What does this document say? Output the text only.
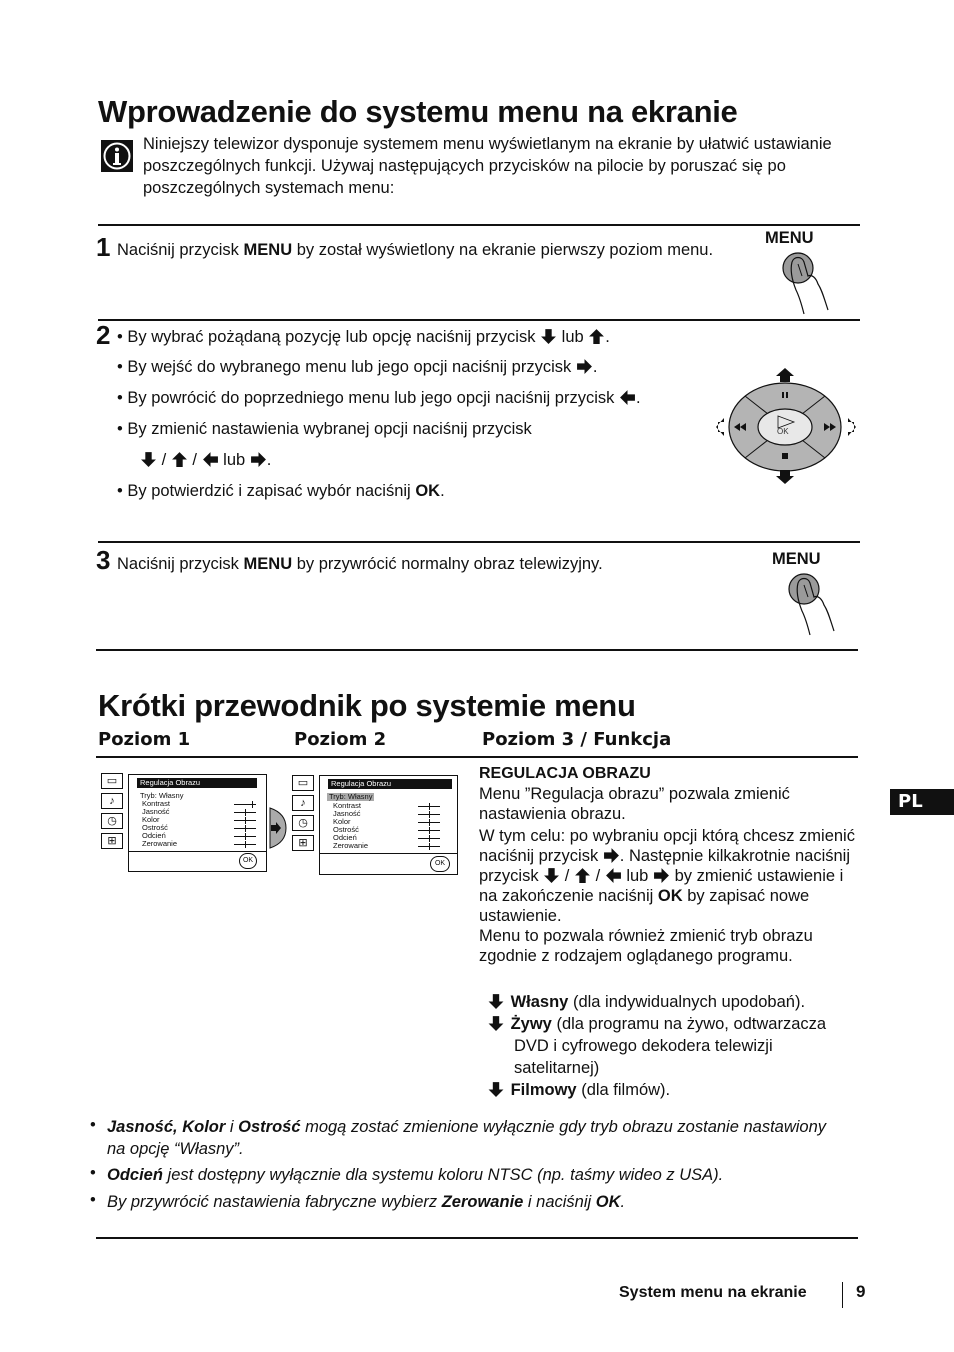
Wprowadzenie do systemu menu na ekranie
Niniejszy telewizor dysponuje systemem menu wyświetlanym na ekranie by ułatwić ustawianie poszczególnych funkcji. Używaj następujących przycisków na pilocie by poruszać się po poszczególnych systemach menu:
1 Naciśnij przycisk MENU by został wyświetlony na ekranie pierwszy poziom menu.
MENU
2 • By wybrać pożądaną pozycję lub opcję naciśnij przycisk lub .
• By wejść do wybranego menu lub jego opcji naciśnij przycisk .
• By powrócić do poprzedniego menu lub jego opcji naciśnij przycisk .
• By zmienić nastawienia wybranej opcji naciśnij przycisk
/ / lub .
• By potwierdzić i zapisać wybór naciśnij OK.
OK
3 Naciśnij przycisk MENU by przywrócić normalny obraz telewizyjny.	MENU
Krótki przewodnik po systemie menu
Poziom 1	Poziom 2	Poziom 3 / Funkcja
▭
♪
◷
⊞
Regulacja Obrazu
Tryb: Własny
Kontrast
Jasność
Kolor
Ostrość
Odcień
Zerowanie
OK
▭
♪
◷
⊞
Regulacja Obrazu
Tryb: Własny
Kontrast
Jasność
Kolor
Ostrość
Odcień
Zerowanie
OK
REGULACJA OBRAZU
Menu ”Regulacja obrazu” pozwala zmienić nastawienia obrazu.
W tym celu: po wybraniu opcji którą chcesz zmienić naciśnij przycisk . Następnie kilkakrotnie naciśnij przycisk / / lub by zmienić ustawienie i na zakończenie naciśnij OK by zapisać nowe ustawienie.
Menu to pozwala również zmienić tryb obrazu zgodnie z rodzajem oglądanego programu.
Własny (dla indywidualnych upodobań).
Żywy (dla programu na żywo, odtwarzacza DVD i cyfrowego dekodera telewizji satelitarnej)
Filmowy (dla filmów).
• Jasność, Kolor i Ostrość mogą zostać zmienione wyłącznie gdy tryb obrazu zostanie nastawiony na opcję “Własny”.
• Odcień jest dostępny wyłącznie dla systemu koloru NTSC (np. taśmy wideo z USA).
• By przywrócić nastawienia fabryczne wybierz Zerowanie i naciśnij OK.
System menu na ekranie	9
PL
